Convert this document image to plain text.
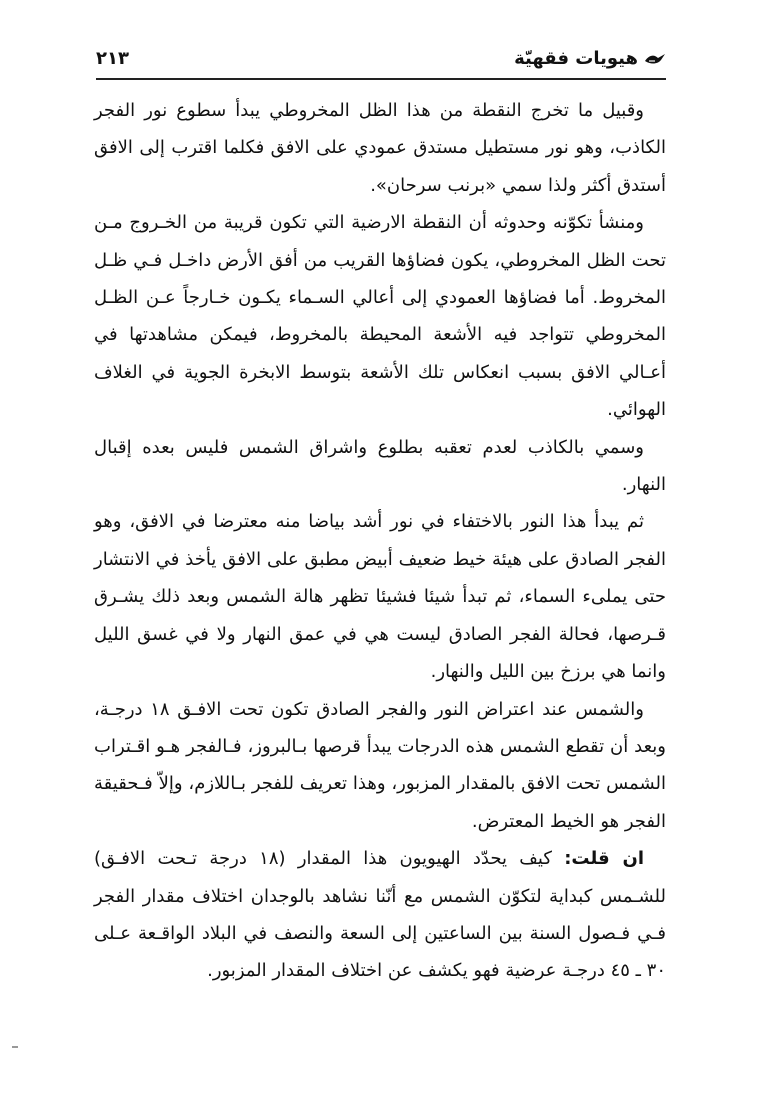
هيويات فقهيّة
٢١٣

وقبيل ما تخرج النقطة من هذا الظل المخروطي يبدأ سطوع نور الفجر الكاذب، وهو نور مستطيل مستدق عمودي على الافق فكلما اقترب إلى الافق أستدق أكثر ولذا سمي «برنب سرحان».

ومنشأ تكوّنه وحدوثه أن النقطة الارضية التي تكون قريبة من الخـروج مـن تحت الظل المخروطي، يكون فضاؤها القريب من أفق الأرض داخـل فـي ظـل المخروط. أما فضاؤها العمودي إلى أعالي السـماء يكـون خـارجاً عـن الظـل المخروطي تتواجد فيه الأشعة المحيطة بالمخروط، فيمكن مشاهدتها في أعـالي الافق بسبب انعكاس تلك الأشعة بتوسط الابخرة الجوية في الغلاف الهوائي.

وسمي بالكاذب لعدم تعقبه بطلوع واشراق الشمس فليس بعده إقبال النهار.

ثم يبدأ هذا النور بالاختفاء في نور أشد بياضا منه معترضا في الافق، وهو الفجر الصادق على هيئة خيط ضعيف أبيض مطبق على الافق يأخذ في الانتشار حتى يملىء السماء، ثم تبدأ شيئا فشيئا تظهر هالة الشمس وبعد ذلك يشـرق قـرصها، فحالة الفجر الصادق ليست هي في عمق النهار ولا في غسق الليل وانما هي برزخ بين الليل والنهار.

والشمس عند اعتراض النور والفجر الصادق تكون تحت الافـق ١٨ درجـة، وبعد أن تقطع الشمس هذه الدرجات يبدأ قرصها بـالبروز، فـالفجر هـو اقـتراب الشمس تحت الافق بالمقدار المزبور، وهذا تعريف للفجر بـاللازم، وإلاّ فـحقيقة الفجر هو الخيط المعترض.

ان قلت: كيف يحدّد الهيويون هذا المقدار (١٨ درجة تـحت الافـق) للشـمس كبداية لتكوّن الشمس مع أنّنا نشاهد بالوجدان اختلاف مقدار الفجر فـي فـصول السنة بين الساعتين إلى السعة والنصف في البلاد الواقـعة عـلى ٣٠ ـ ٤٥ درجـة عرضية فهو يكشف عن اختلاف المقدار المزبور.
